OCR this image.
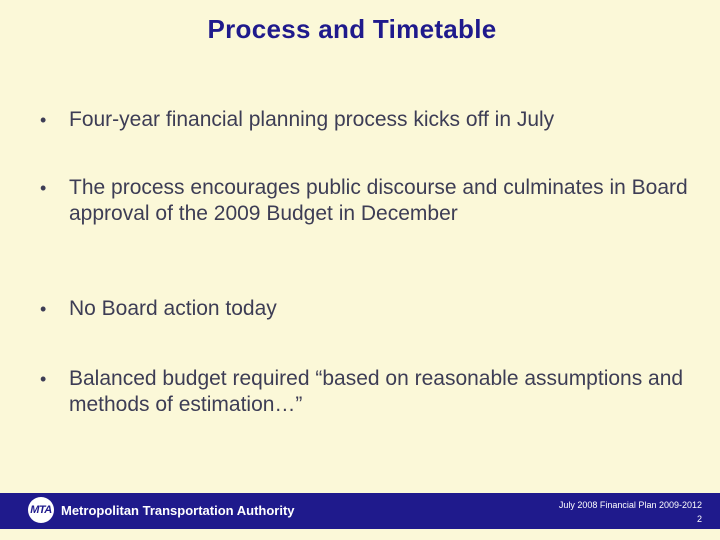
Process and Timetable
•	Four-year financial planning process kicks off in July
•	The process encourages public discourse and culminates in Board approval of the 2009 Budget in December
•	No Board action today
•	Balanced budget required “based on reasonable assumptions and methods of estimation…”
MTA Metropolitan Transportation Authority	July 2008 Financial Plan 2009-2012
2
